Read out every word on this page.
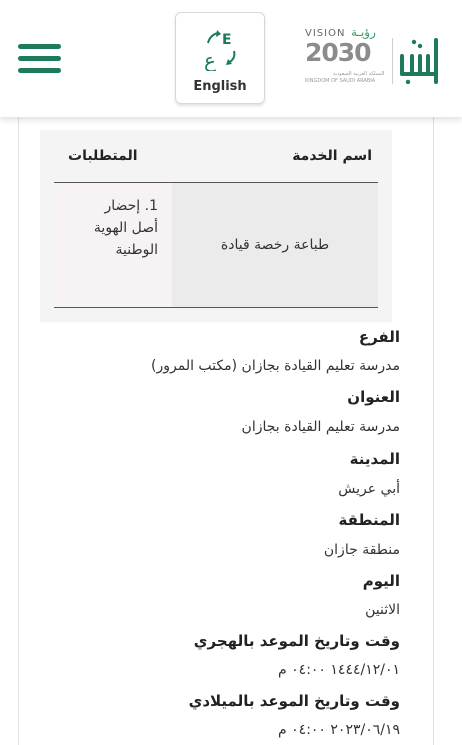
E
ع
English
VISION رؤيـة
2030
المملكة العربية السعودية
KINGDOM OF SAUDI ARABIA
اسم الخدمة
المتطلبات
طباعة رخصة قيادة
1. إحضار أصل الهوية الوطنية
الفرع
مدرسة تعليم القيادة بجازان (مكتب المرور)
العنوان
مدرسة تعليم القيادة بجازان
المدينة
أبي عريش
المنطقة
منطقة جازان
اليوم
الاثنين
وقت وتاريخ الموعد بالهجري
١٤٤٤/١٢/٠١ ٠٤:٠٠ م
وقت وتاريخ الموعد بالميلادي
٢٠٢٣/٠٦/١٩ ٠٤:٠٠ م
